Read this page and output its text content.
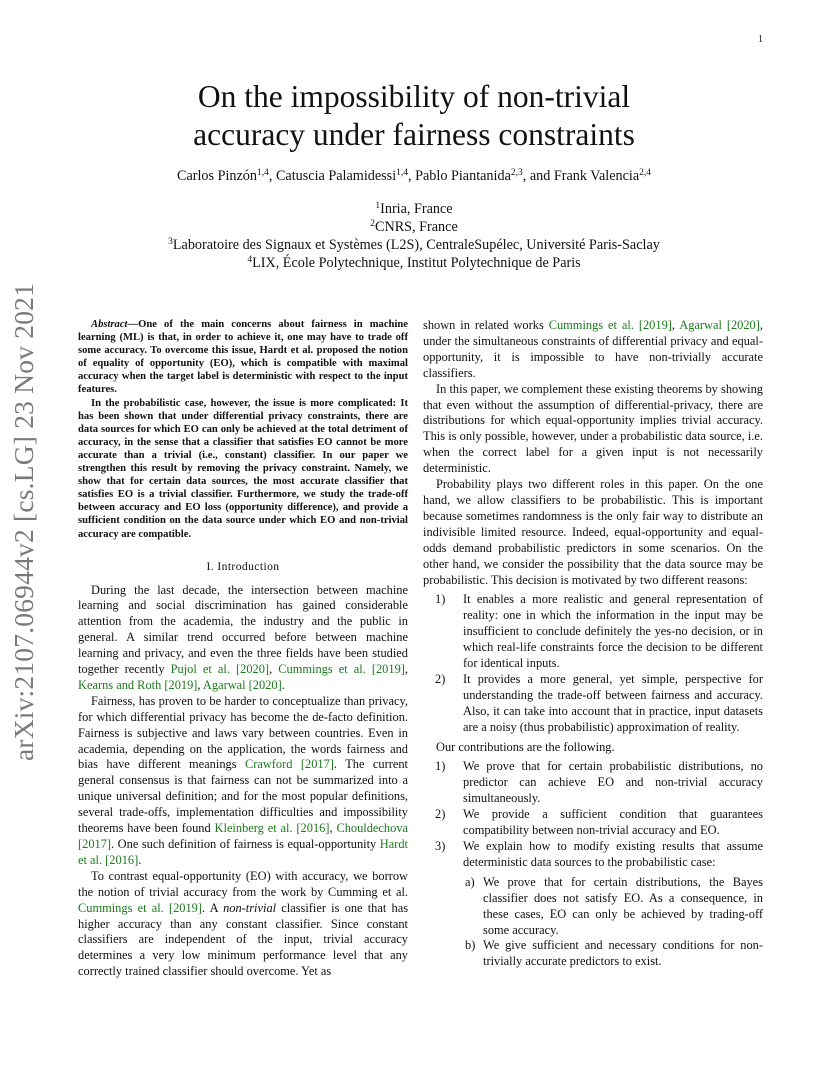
1
arXiv:2107.06944v2 [cs.LG] 23 Nov 2021
On the impossibility of non-trivial
accuracy under fairness constraints
Carlos Pinzón$^{1,4}$, Catuscia Palamidessi$^{1,4}$, Pablo Piantanida$^{2,3}$, and Frank Valencia$^{2,4}$
$^1$Inria, France
$^2$CNRS, France
$^3$Laboratoire des Signaux et Systèmes (L2S), CentraleSupélec, Université Paris-Saclay
$^4$LIX, École Polytechnique, Institut Polytechnique de Paris

Abstract—One of the main concerns about fairness in machine learning (ML) is that, in order to achieve it, one may have to trade off some accuracy. To overcome this issue, Hardt et al. proposed the notion of equality of opportunity (EO), which is compatible with maximal accuracy when the target label is deterministic with respect to the input features.

In the probabilistic case, however, the issue is more complicated: It has been shown that under differential privacy constraints, there are data sources for which EO can only be achieved at the total detriment of accuracy, in the sense that a classifier that satisfies EO cannot be more accurate than a trivial (i.e., constant) classifier. In our paper we strengthen this result by removing the privacy constraint. Namely, we show that for certain data sources, the most accurate classifier that satisfies EO is a trivial classifier. Furthermore, we study the trade-off between accuracy and EO loss (opportunity difference), and provide a sufficient condition on the data source under which EO and non-trivial accuracy are compatible.

I. Introduction

During the last decade, the intersection between machine learning and social discrimination has gained considerable attention from the academia, the industry and the public in general. A similar trend occurred before between machine learning and privacy, and even the three fields have been studied together recently Pujol et al. [2020], Cummings et al. [2019], Kearns and Roth [2019], Agarwal [2020].

Fairness, has proven to be harder to conceptualize than privacy, for which differential privacy has become the de-facto definition. Fairness is subjective and laws vary between countries. Even in academia, depending on the application, the words fairness and bias have different meanings Crawford [2017]. The current general consensus is that fairness can not be summarized into a unique universal definition; and for the most popular definitions, several trade-offs, implementation difficulties and impossibility theorems have been found Kleinberg et al. [2016], Chouldechova [2017]. One such definition of fairness is equal-opportunity Hardt et al. [2016].

To contrast equal-opportunity (EO) with accuracy, we borrow the notion of trivial accuracy from the work by Cumming et al. Cummings et al. [2019]. A non-trivial classifier is one that has higher accuracy than any constant classifier. Since constant classifiers are independent of the input, trivial accuracy determines a very low minimum performance level that any correctly trained classifier should overcome. Yet as

shown in related works Cummings et al. [2019], Agarwal [2020], under the simultaneous constraints of differential privacy and equal-opportunity, it is impossible to have non-trivially accurate classifiers.

In this paper, we complement these existing theorems by showing that even without the assumption of differential-privacy, there are distributions for which equal-opportunity implies trivial accuracy. This is only possible, however, under a probabilistic data source, i.e. when the correct label for a given input is not necessarily deterministic.

Probability plays two different roles in this paper. On the one hand, we allow classifiers to be probabilistic. This is important because sometimes randomness is the only fair way to distribute an indivisible limited resource. Indeed, equal-opportunity and equal-odds demand probabilistic predictors in some scenarios. On the other hand, we consider the possibility that the data source may be probabilistic. This decision is motivated by two different reasons:

1) It enables a more realistic and general representation of reality: one in which the information in the input may be insufficient to conclude definitely the yes-no decision, or in which real-life constraints force the decision to be different for identical inputs.
2) It provides a more general, yet simple, perspective for understanding the trade-off between fairness and accuracy. Also, it can take into account that in practice, input datasets are a noisy (thus probabilistic) approximation of reality.

Our contributions are the following.

1) We prove that for certain probabilistic distributions, no predictor can achieve EO and non-trivial accuracy simultaneously.
2) We provide a sufficient condition that guarantees compatibility between non-trivial accuracy and EO.
3) We explain how to modify existing results that assume deterministic data sources to the probabilistic case:
a) We prove that for certain distributions, the Bayes classifier does not satisfy EO. As a consequence, in these cases, EO can only be achieved by trading-off some accuracy.
b) We give sufficient and necessary conditions for non-trivially accurate predictors to exist.
